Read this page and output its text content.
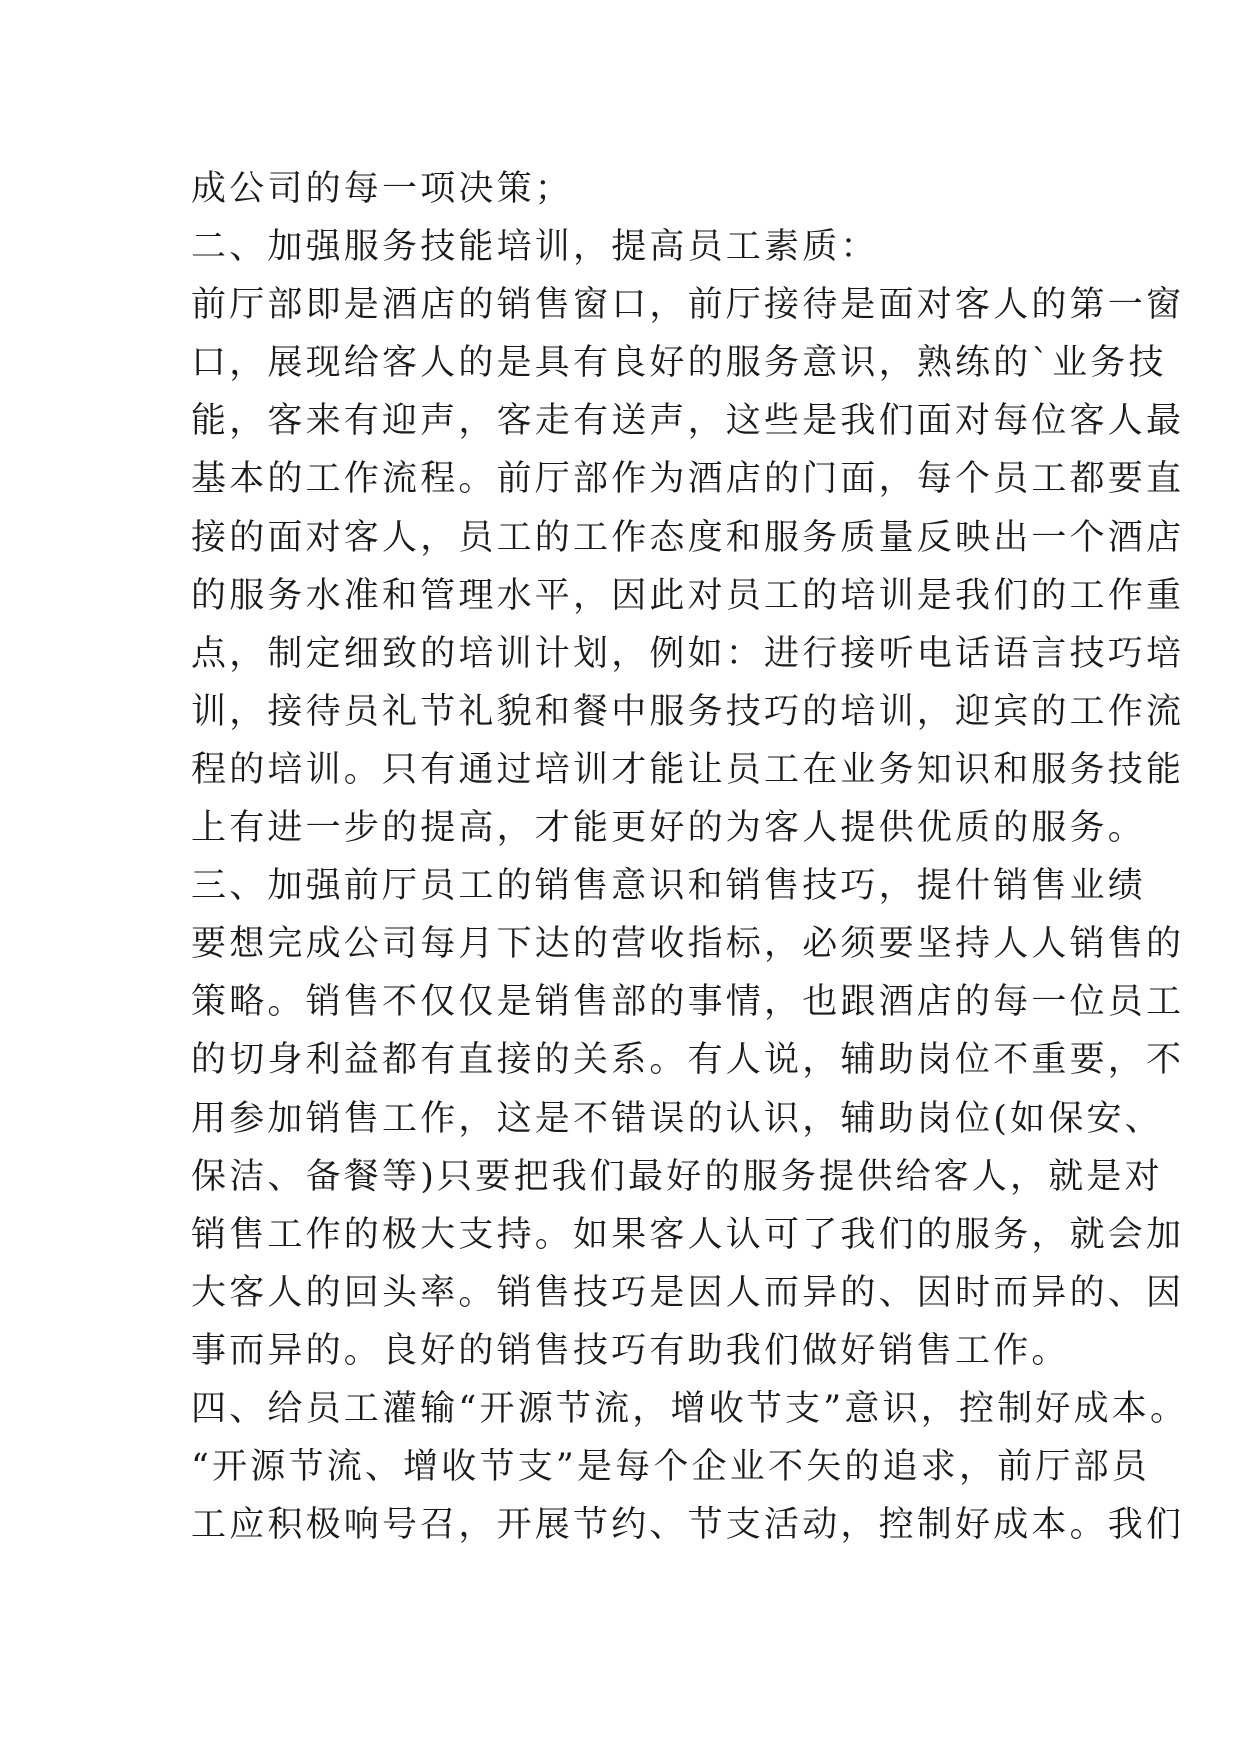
成公司的每一项决策；
二、加强服务技能培训，提高员工素质：
前厅部即是酒店的销售窗口，前厅接待是面对客人的第一窗
口，展现给客人的是具有良好的服务意识，熟练的`业务技
能，客来有迎声，客走有送声，这些是我们面对每位客人最
基本的工作流程。前厅部作为酒店的门面，每个员工都要直
接的面对客人，员工的工作态度和服务质量反映出一个酒店
的服务水准和管理水平，因此对员工的培训是我们的工作重
点，制定细致的培训计划，例如：进行接听电话语言技巧培
训，接待员礼节礼貌和餐中服务技巧的培训，迎宾的工作流
程的培训。只有通过培训才能让员工在业务知识和服务技能
上有进一步的提高，才能更好的为客人提供优质的服务。
三、加强前厅员工的销售意识和销售技巧，提什销售业绩
要想完成公司每月下达的营收指标，必须要坚持人人销售的
策略。销售不仅仅是销售部的事情，也跟酒店的每一位员工
的切身利益都有直接的关系。有人说，辅助岗位不重要，不
用参加销售工作，这是不错误的认识，辅助岗位(如保安、
保洁、备餐等)只要把我们最好的服务提供给客人，就是对
销售工作的极大支持。如果客人认可了我们的服务，就会加
大客人的回头率。销售技巧是因人而异的、因时而异的、因
事而异的。良好的销售技巧有助我们做好销售工作。
四、给员工灌输“开源节流，增收节支”意识，控制好成本。
“开源节流、增收节支”是每个企业不矢的追求，前厅部员
工应积极响号召，开展节约、节支活动，控制好成本。我们
